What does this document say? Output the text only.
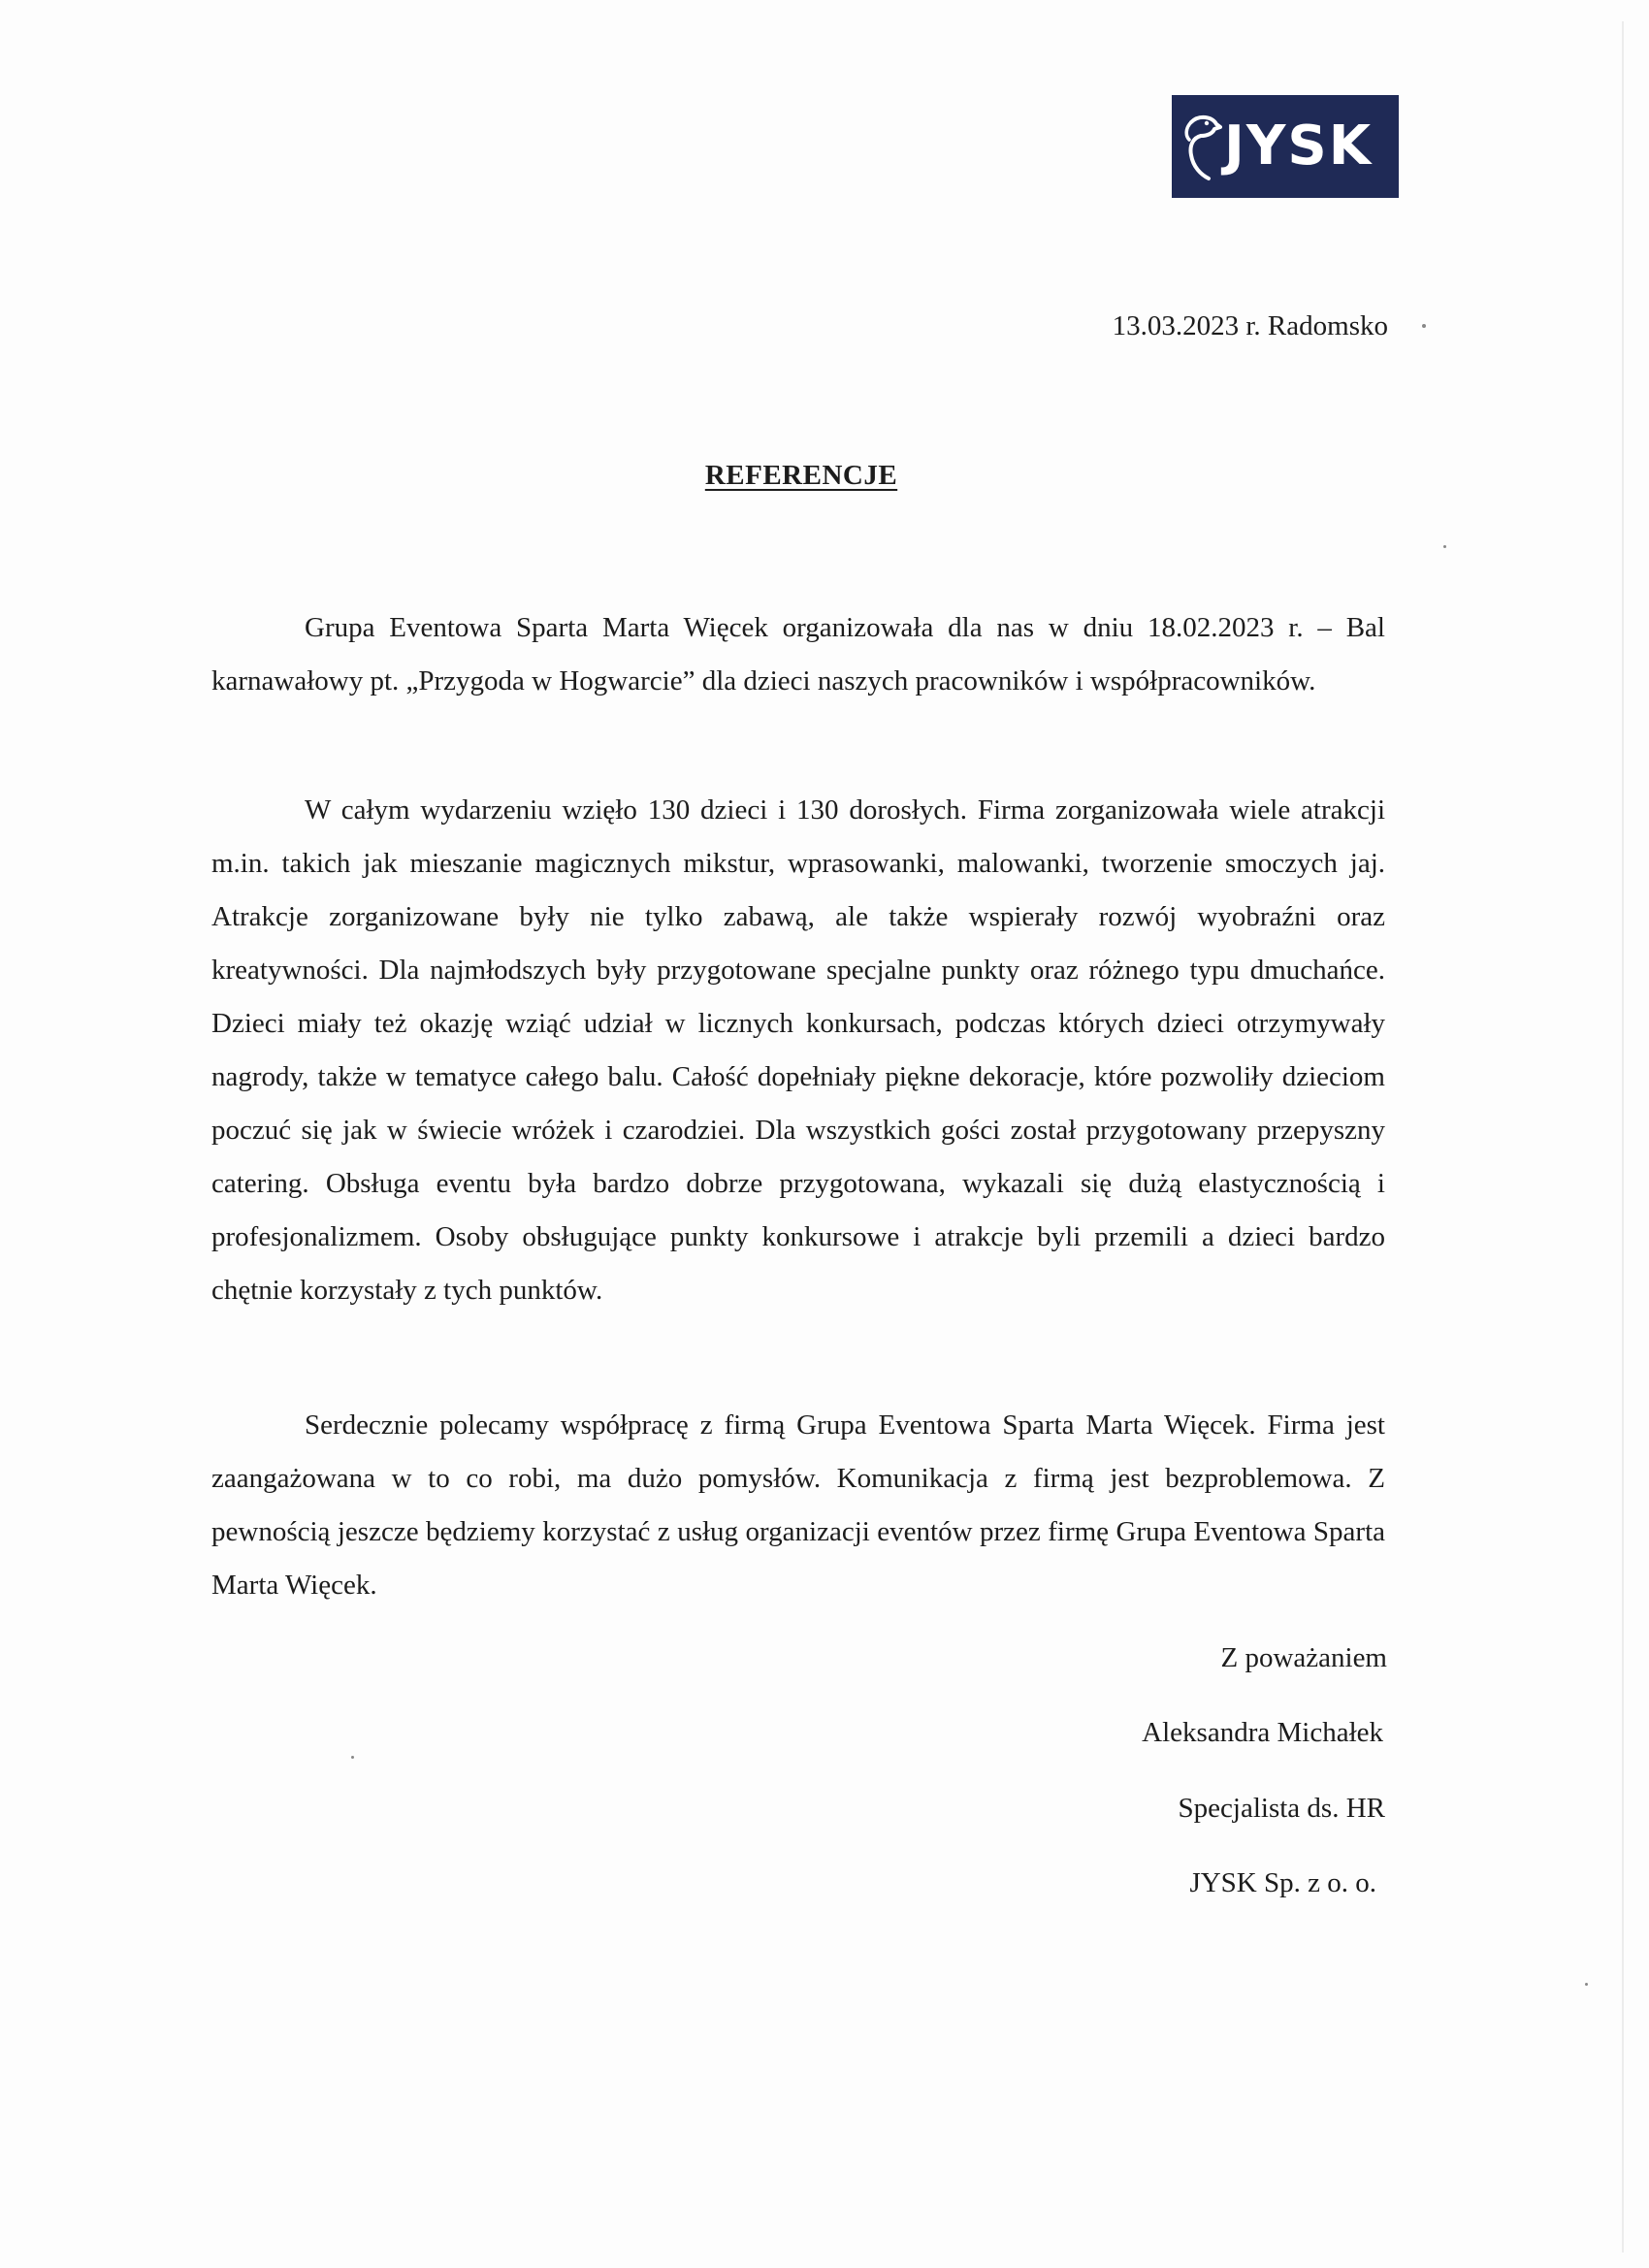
JYSK
13.03.2023 r. Radomsko
REFERENCJE

Grupa Eventowa Sparta Marta Więcek organizowała dla nas w dniu 18.02.2023 r. – Bal karnawałowy pt. „Przygoda w Hogwarcie” dla dzieci naszych pracowników i współpracowników.

W całym wydarzeniu wzięło 130 dzieci i 130 dorosłych. Firma zorganizowała wiele atrakcji m.in. takich jak mieszanie magicznych mikstur, wprasowanki, malowanki, tworzenie smoczych jaj. Atrakcje zorganizowane były nie tylko zabawą, ale także wspierały rozwój wyobraźni oraz kreatywności. Dla najmłodszych były przygotowane specjalne punkty oraz różnego typu dmuchańce. Dzieci miały też okazję wziąć udział w licznych konkursach, podczas których dzieci otrzymywały nagrody, także w tematyce całego balu. Całość dopełniały piękne dekoracje, które pozwoliły dzieciom poczuć się jak w świecie wróżek i czarodziei. Dla wszystkich gości został przygotowany przepyszny catering. Obsługa eventu była bardzo dobrze przygotowana, wykazali się dużą elastycznością i profesjonalizmem. Osoby obsługujące punkty konkursowe i atrakcje byli przemili a dzieci bardzo chętnie korzystały z tych punktów.

Serdecznie polecamy współpracę z firmą Grupa Eventowa Sparta Marta Więcek. Firma jest zaangażowana w to co robi, ma dużo pomysłów. Komunikacja z firmą jest bezproblemowa. Z pewnością jeszcze będziemy korzystać z usług organizacji eventów przez firmę Grupa Eventowa Sparta Marta Więcek.

Z poważaniem
Aleksandra Michałek
Specjalista ds. HR
JYSK Sp. z o. o.
